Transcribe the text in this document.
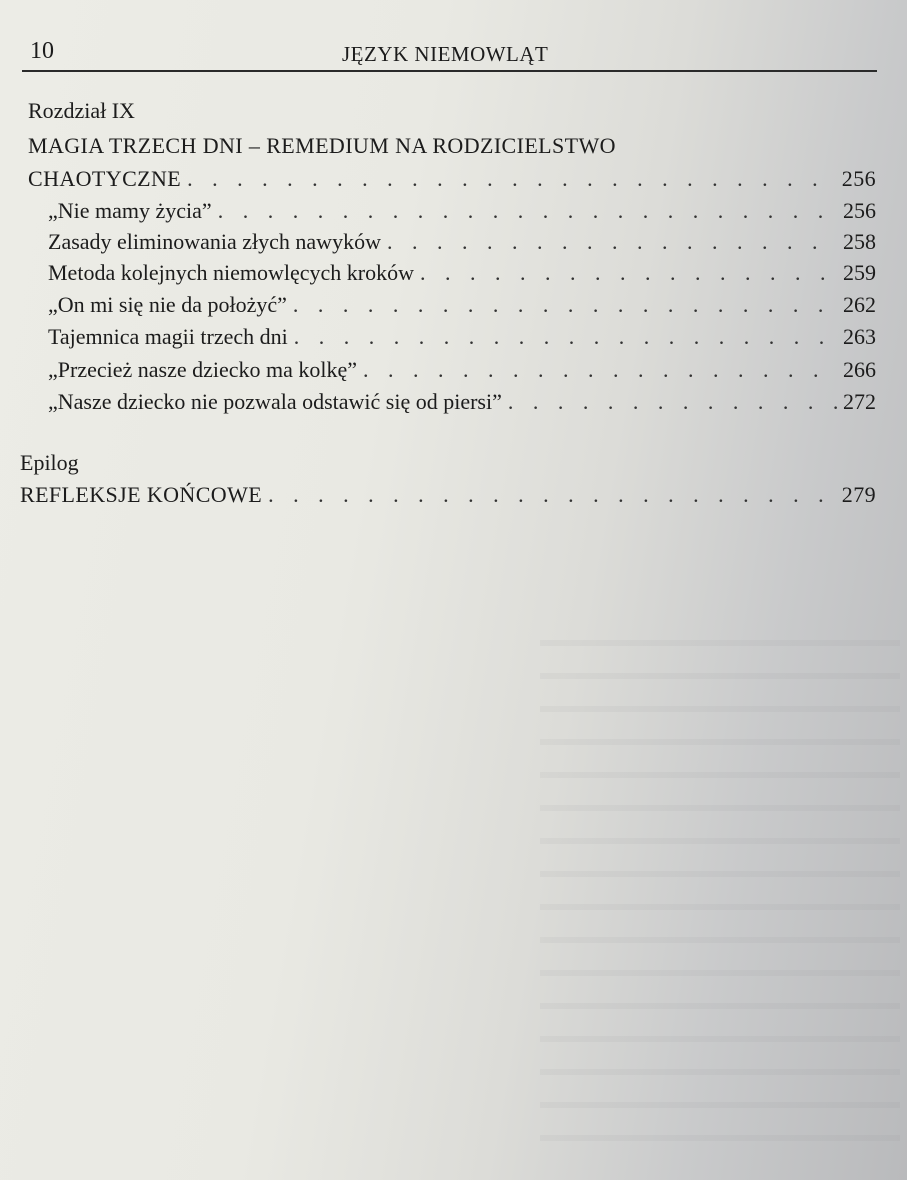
10	JĘZYK NIEMOWLĄT
Rozdział IX
MAGIA TRZECH DNI – REMEDIUM NA RODZICIELSTWO
CHAOTYCZNE . . .	256
„Nie mamy życia” . . .	256
Zasady eliminowania złych nawyków . . .	258
Metoda kolejnych niemowlęcych kroków . . .	259
„On mi się nie da położyć” . . .	262
Tajemnica magii trzech dni . . .	263
„Przecież nasze dziecko ma kolkę” . . .	266
„Nasze dziecko nie pozwala odstawić się od piersi” . . .	272
Epilog
REFLEKSJE KOŃCOWE . . .	279
